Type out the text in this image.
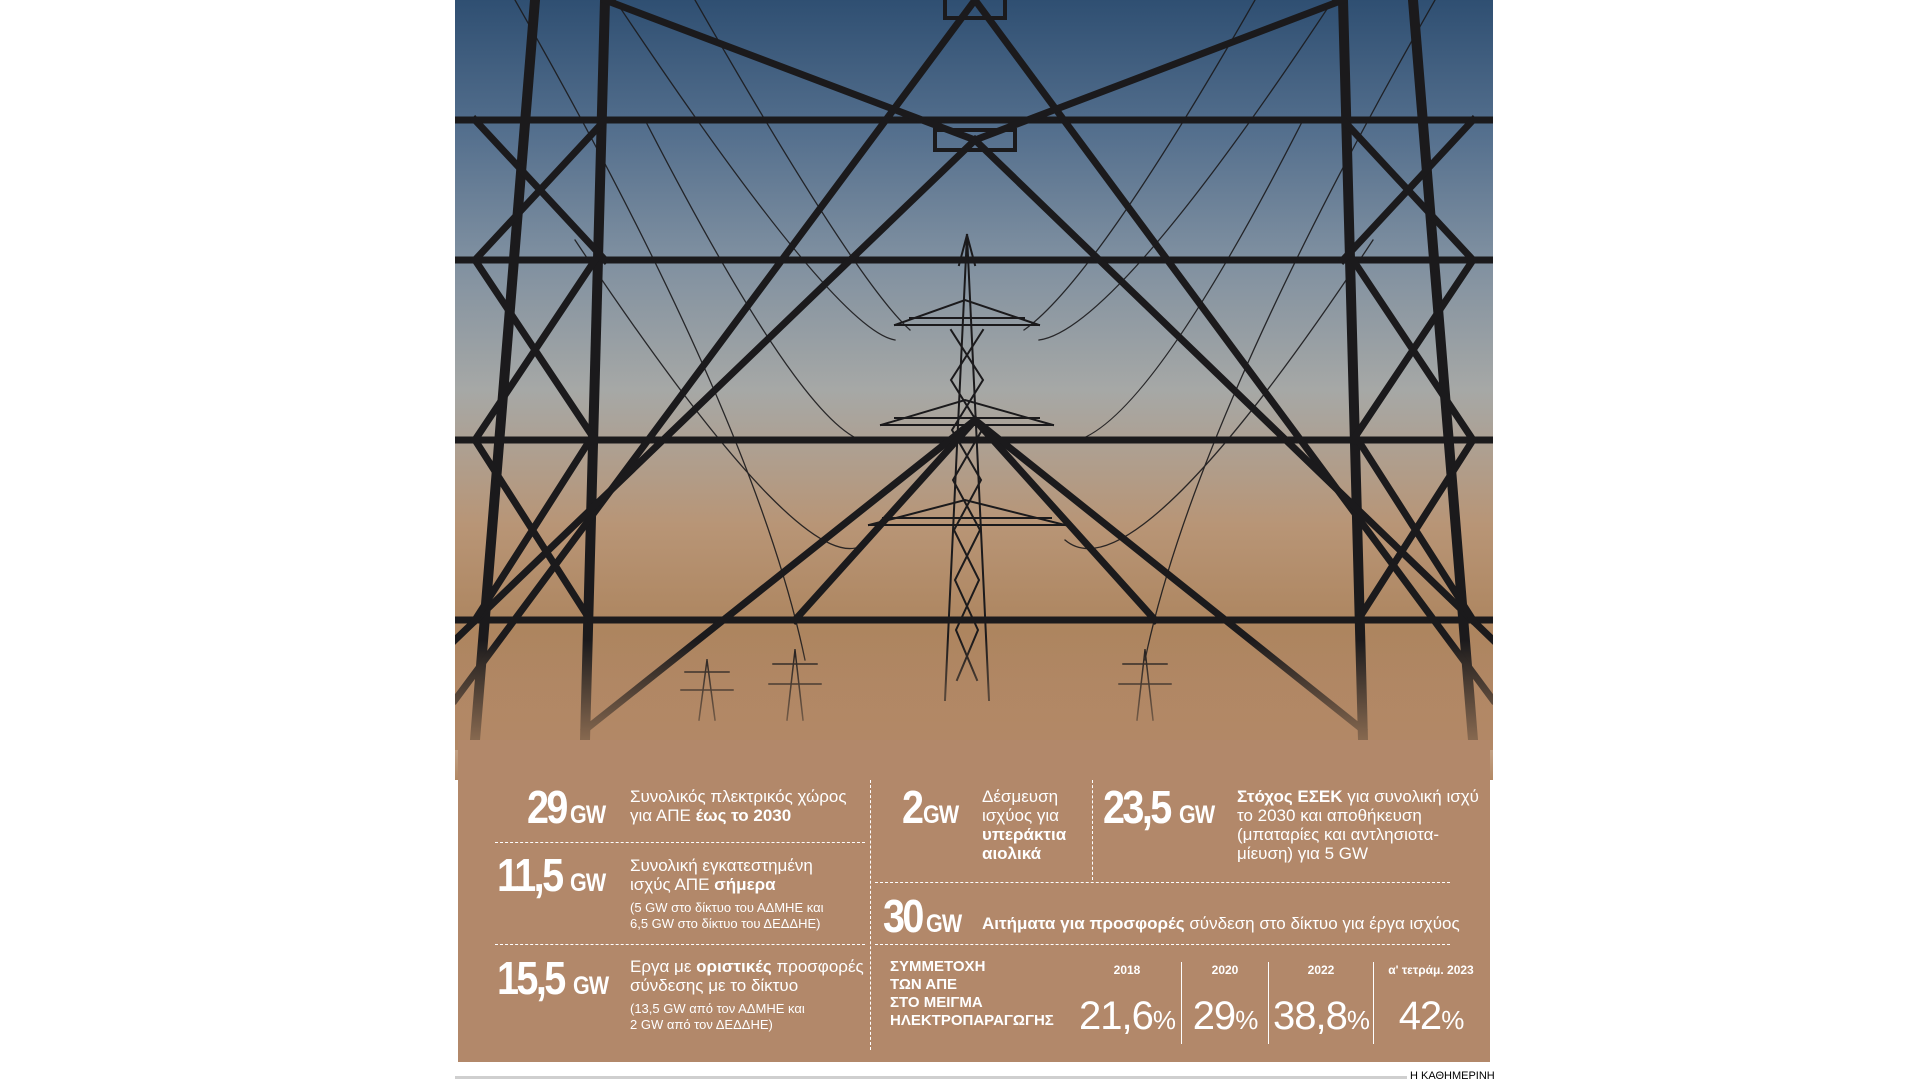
29 GW
Συνολικός πλεκτρικός χώρος
για ΑΠΕ έως το 2030
11,5 GW
Συνολική εγκατεστημένη
ισχύς ΑΠΕ σήμερα
(5 GW στο δίκτυο του ΑΔΜΗΕ και
6,5 GW στο δίκτυο του ΔΕΔΔΗΕ)
15,5 GW
Εργα με οριστικές προσφορές
σύνδεσης με το δίκτυο
(13,5 GW από τον ΑΔΜΗΕ και
2 GW από τον ΔΕΔΔΗΕ)
2GW
Δέσμευση
ισχύος για
υπεράκτια
αιολικά
23,5 GW
Στόχος ΕΣΕΚ για συνολική ισχύ
το 2030 και αποθήκευση
(μπαταρίες και αντλησιοτα-
μίευση) για 5 GW
30 GW	Αιτήματα για προσφορές σύνδεση στο δίκτυο για έργα ισχύος
ΣΥΜΜΕΤΟΧΗ
ΤΩΝ ΑΠΕ
ΣΤΟ ΜΕΙΓΜΑ
ΗΛΕΚΤΡΟΠΑΡΑΓΩΓΗΣ
2018
21,6%
2020
29%
2022
38,8%
α' τετράμ. 2023
42%
Η ΚΑΘΗΜΕΡΙΝΗ
